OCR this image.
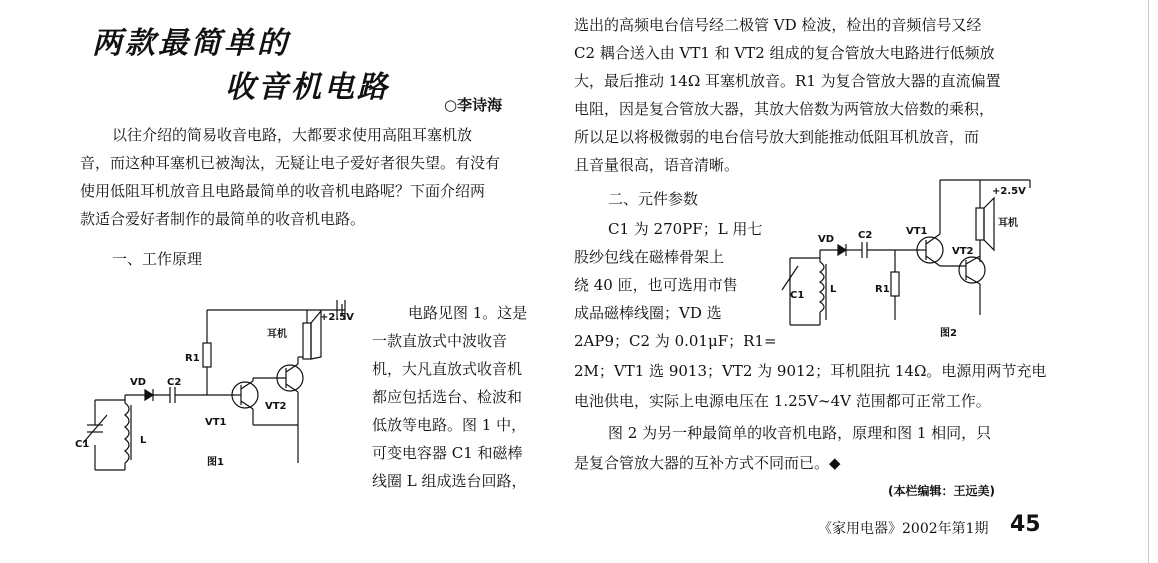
两款最简单的
收音机电路	○李诗海
以往介绍的简易收音电路，大都要求使用高阻耳塞机放
音，而这种耳塞机已被淘汰，无疑让电子爱好者很失望。有没有
使用低阻耳机放音且电路最简单的收音机电路呢？下面介绍两
款适合爱好者制作的最简单的收音机电路。
一、工作原理
电路见图 1。这是
一款直放式中波收音
机，大凡直放式收音机
都应包括选台、检波和
低放等电路。图 1 中，
可变电容器 C1 和磁棒
线圈 L 组成选台回路，
VD C2
C1	L
R1
VT1
VT2
耳机
+2.5V
图1
选出的高频电台信号经二极管 VD 检波，检出的音频信号又经
C2 耦合送入由 VT1 和 VT2 组成的复合管放大电路进行低频放
大，最后推动 14Ω 耳塞机放音。R1 为复合管放大器的直流偏置
电阻，因是复合管放大器，其放大倍数为两管放大倍数的乘积，
所以足以将极微弱的电台信号放大到能推动低阻耳机放音，而
且音量很高，语音清晰。
二、元件参数
C1 为 270PF；L 用七
股纱包线在磁棒骨架上
绕 40 匝，也可选用市售
成品磁棒线圈；VD 选
2AP9；C2 为 0.01μF；R1=
VD C2
C1
L	R1
VT1
VT2
耳机
+2.5V
图2
2M；VT1 选 9013；VT2 为 9012；耳机阻抗 14Ω。电源用两节充电
电池供电，实际上电源电压在 1.25V~4V 范围都可正常工作。
图 2 为另一种最简单的收音机电路，原理和图 1 相同，只
是复合管放大器的互补方式不同而已。◆
(本栏编辑：王远美)
《家用电器》2002年第1期 45
